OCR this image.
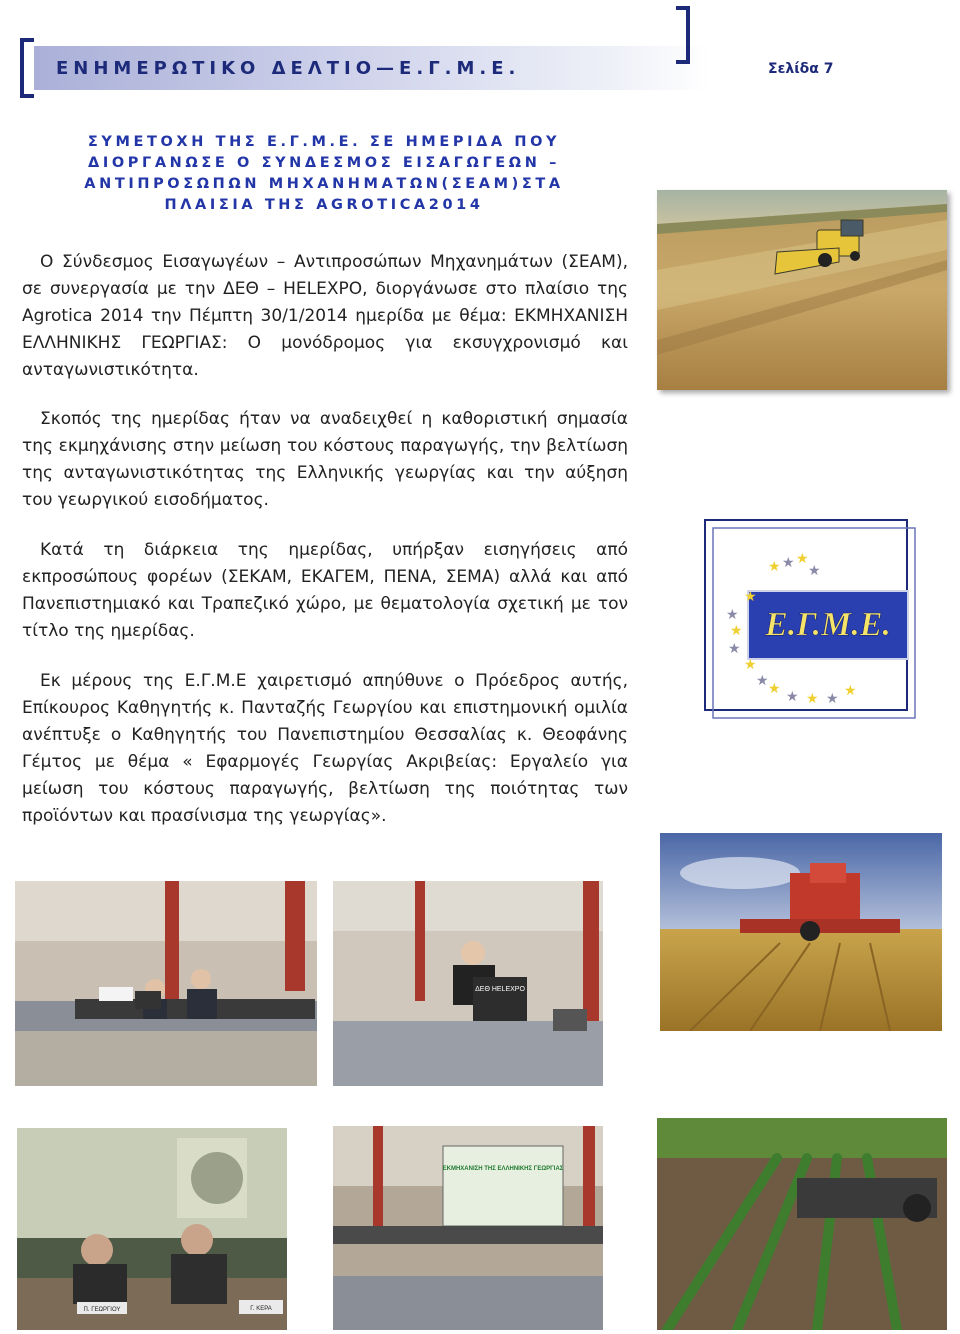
ΕΝΗΜΕΡΩΤΙΚΟ ΔΕΛΤΙΟ—Ε.Γ.Μ.Ε.	Σελίδα 7
ΣΥΜΕΤΟΧΗ ΤΗΣ Ε.Γ.Μ.Ε. ΣΕ ΗΜΕΡΙΔΑ ΠΟΥ
ΔΙΟΡΓΑΝΩΣΕ Ο ΣΥΝΔΕΣΜΟΣ ΕΙΣΑΓΩΓΕΩΝ –
ΑΝΤΙΠΡΟΣΩΠΩΝ ΜΗΧΑΝΗΜΑΤΩΝ(ΣΕΑΜ)ΣΤΑ
ΠΛΑΙΣΙΑ ΤΗΣ AGROTICA2014

Ο Σύνδεσμος Εισαγωγέων – Αντιπροσώπων Μηχανημάτων (ΣΕΑΜ), σε συνεργασία με την ΔΕΘ – HELEXPO, διοργάνωσε στο πλαίσιο της Agrotica 2014 την Πέμπτη 30/1/2014 ημερίδα με θέμα: ΕΚΜΗΧΑΝΙΣΗ ΕΛΛΗΝΙΚΗΣ ΓΕΩΡΓΙΑΣ: Ο μονόδρομος για εκσυγχρονισμό και ανταγωνιστικότητα.

Σκοπός της ημερίδας ήταν να αναδειχθεί η καθοριστική σημασία της εκμηχάνισης στην μείωση του κόστους παραγωγής, την βελτίωση της ανταγωνιστικότητας της Ελληνικής γεωργίας και την αύξηση του γεωργικού εισοδήματος.

Κατά τη διάρκεια της ημερίδας, υπήρξαν εισηγήσεις από εκπροσώπους φορέων (ΣΕΚΑΜ, ΕΚΑΓΕΜ, ΠΕΝΑ, ΣΕΜΑ) αλλά και από Πανεπιστημιακό και Τραπεζικό χώρο, με θεματολογία σχετική με τον τίτλο της ημερίδας.

Εκ μέρους της Ε.Γ.Μ.Ε χαιρετισμό απηύθυνε ο Πρόεδρος αυτής, Επίκουρος Καθηγητής κ. Πανταζής Γεωργίου και επιστημονική ομιλία ανέπτυξε ο Καθηγητής του Πανεπιστημίου Θεσσαλίας κ. Θεοφάνης Γέμτος με θέμα « Εφαρμογές Γεωργίας Ακριβείας: Εργαλείο για μείωση του κόστους παραγωγής, βελτίωση της ποιότητας των προϊόντων και πρασίνισμα της γεωργίας».

★ ★
★
★
★
★
★ ★
★ ★
★
★
★
★ ★
Ε.Γ.Μ.Ε.
ΔΕΘ HELEXPO
Π. ΓΕΩΡΓΙΟΥ	Γ. ΚΕΡΑ
ΕΚΜΗΧΑΝΙΣΗ ΤΗΣ ΕΛΛΗΝΙΚΗΣ ΓΕΩΡΓΙΑΣ
